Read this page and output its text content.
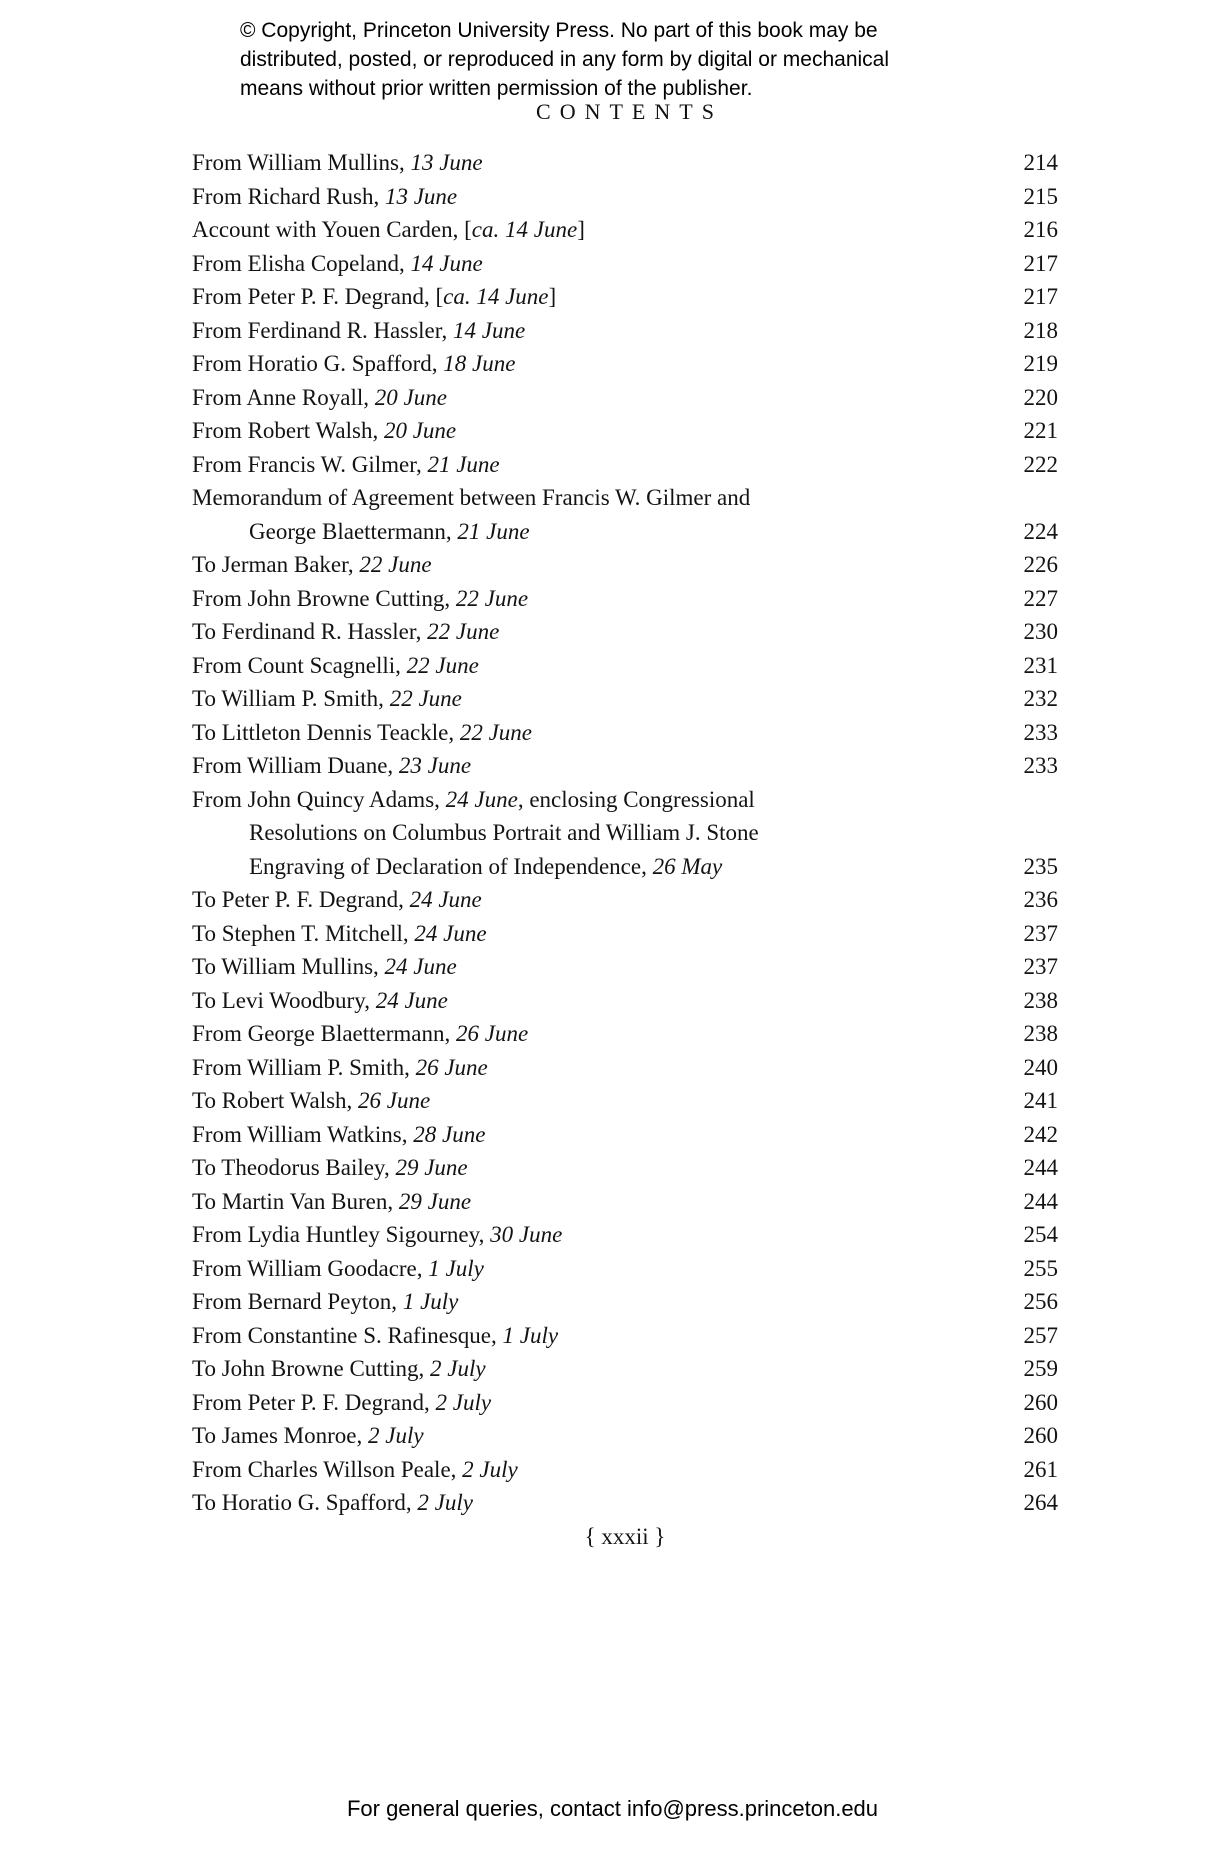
© Copyright, Princeton University Press. No part of this book may be
distributed, posted, or reproduced in any form by digital or mechanical
means without prior written permission of the publisher.
CONTENTS
From William Mullins, 13 June	214
From Richard Rush, 13 June	215
Account with Youen Carden, [ca. 14 June]	216
From Elisha Copeland, 14 June	217
From Peter P. F. Degrand, [ca. 14 June]	217
From Ferdinand R. Hassler, 14 June	218
From Horatio G. Spafford, 18 June	219
From Anne Royall, 20 June	220
From Robert Walsh, 20 June	221
From Francis W. Gilmer, 21 June	222
Memorandum of Agreement between Francis W. Gilmer and
George Blaettermann, 21 June	224
To Jerman Baker, 22 June	226
From John Browne Cutting, 22 June	227
To Ferdinand R. Hassler, 22 June	230
From Count Scagnelli, 22 June	231
To William P. Smith, 22 June	232
To Littleton Dennis Teackle, 22 June	233
From William Duane, 23 June	233
From John Quincy Adams, 24 June, enclosing Congressional
Resolutions on Columbus Portrait and William J. Stone
Engraving of Declaration of Independence, 26 May	235
To Peter P. F. Degrand, 24 June	236
To Stephen T. Mitchell, 24 June	237
To William Mullins, 24 June	237
To Levi Woodbury, 24 June	238
From George Blaettermann, 26 June	238
From William P. Smith, 26 June	240
To Robert Walsh, 26 June	241
From William Watkins, 28 June	242
To Theodorus Bailey, 29 June	244
To Martin Van Buren, 29 June	244
From Lydia Huntley Sigourney, 30 June	254
From William Goodacre, 1 July	255
From Bernard Peyton, 1 July	256
From Constantine S. Rafinesque, 1 July	257
To John Browne Cutting, 2 July	259
From Peter P. F. Degrand, 2 July	260
To James Monroe, 2 July	260
From Charles Willson Peale, 2 July	261
To Horatio G. Spafford, 2 July	264
{ xxxii }
For general queries, contact info@press.princeton.edu
